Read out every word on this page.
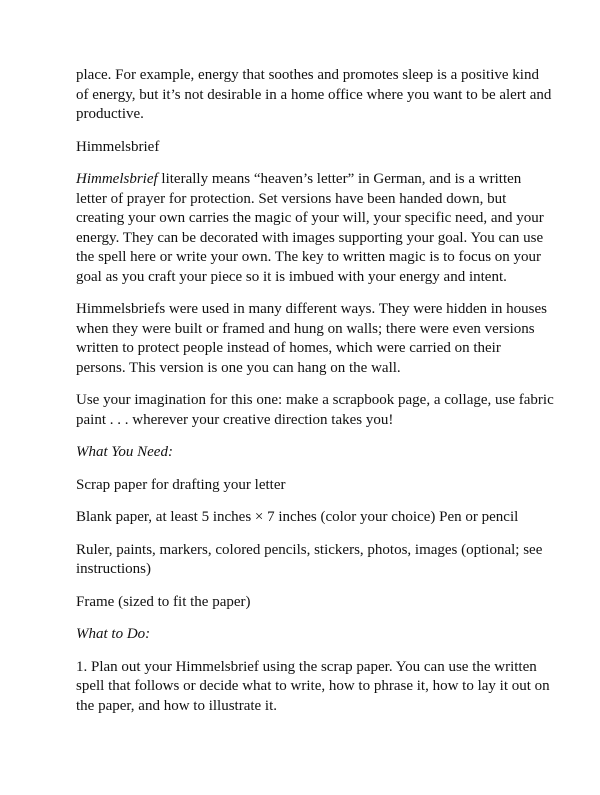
place. For example, energy that soothes and promotes sleep is a positive kind of energy, but it’s not desirable in a home office where you want to be alert and productive.

Himmelsbrief

Himmelsbrief literally means “heaven’s letter” in German, and is a written letter of prayer for protection. Set versions have been handed down, but creating your own carries the magic of your will, your specific need, and your energy. They can be decorated with images supporting your goal. You can use the spell here or write your own. The key to written magic is to focus on your goal as you craft your piece so it is imbued with your energy and intent.

Himmelsbriefs were used in many different ways. They were hidden in houses when they were built or framed and hung on walls; there were even versions written to protect people instead of homes, which were carried on their persons. This version is one you can hang on the wall.

Use your imagination for this one: make a scrapbook page, a collage, use fabric paint . . . wherever your creative direction takes you!

What You Need:

Scrap paper for drafting your letter

Blank paper, at least 5 inches × 7 inches (color your choice) Pen or pencil

Ruler, paints, markers, colored pencils, stickers, photos, images (optional; see instructions)

Frame (sized to fit the paper)

What to Do:

1. Plan out your Himmelsbrief using the scrap paper. You can use the written spell that follows or decide what to write, how to phrase it, how to lay it out on the paper, and how to illustrate it.
